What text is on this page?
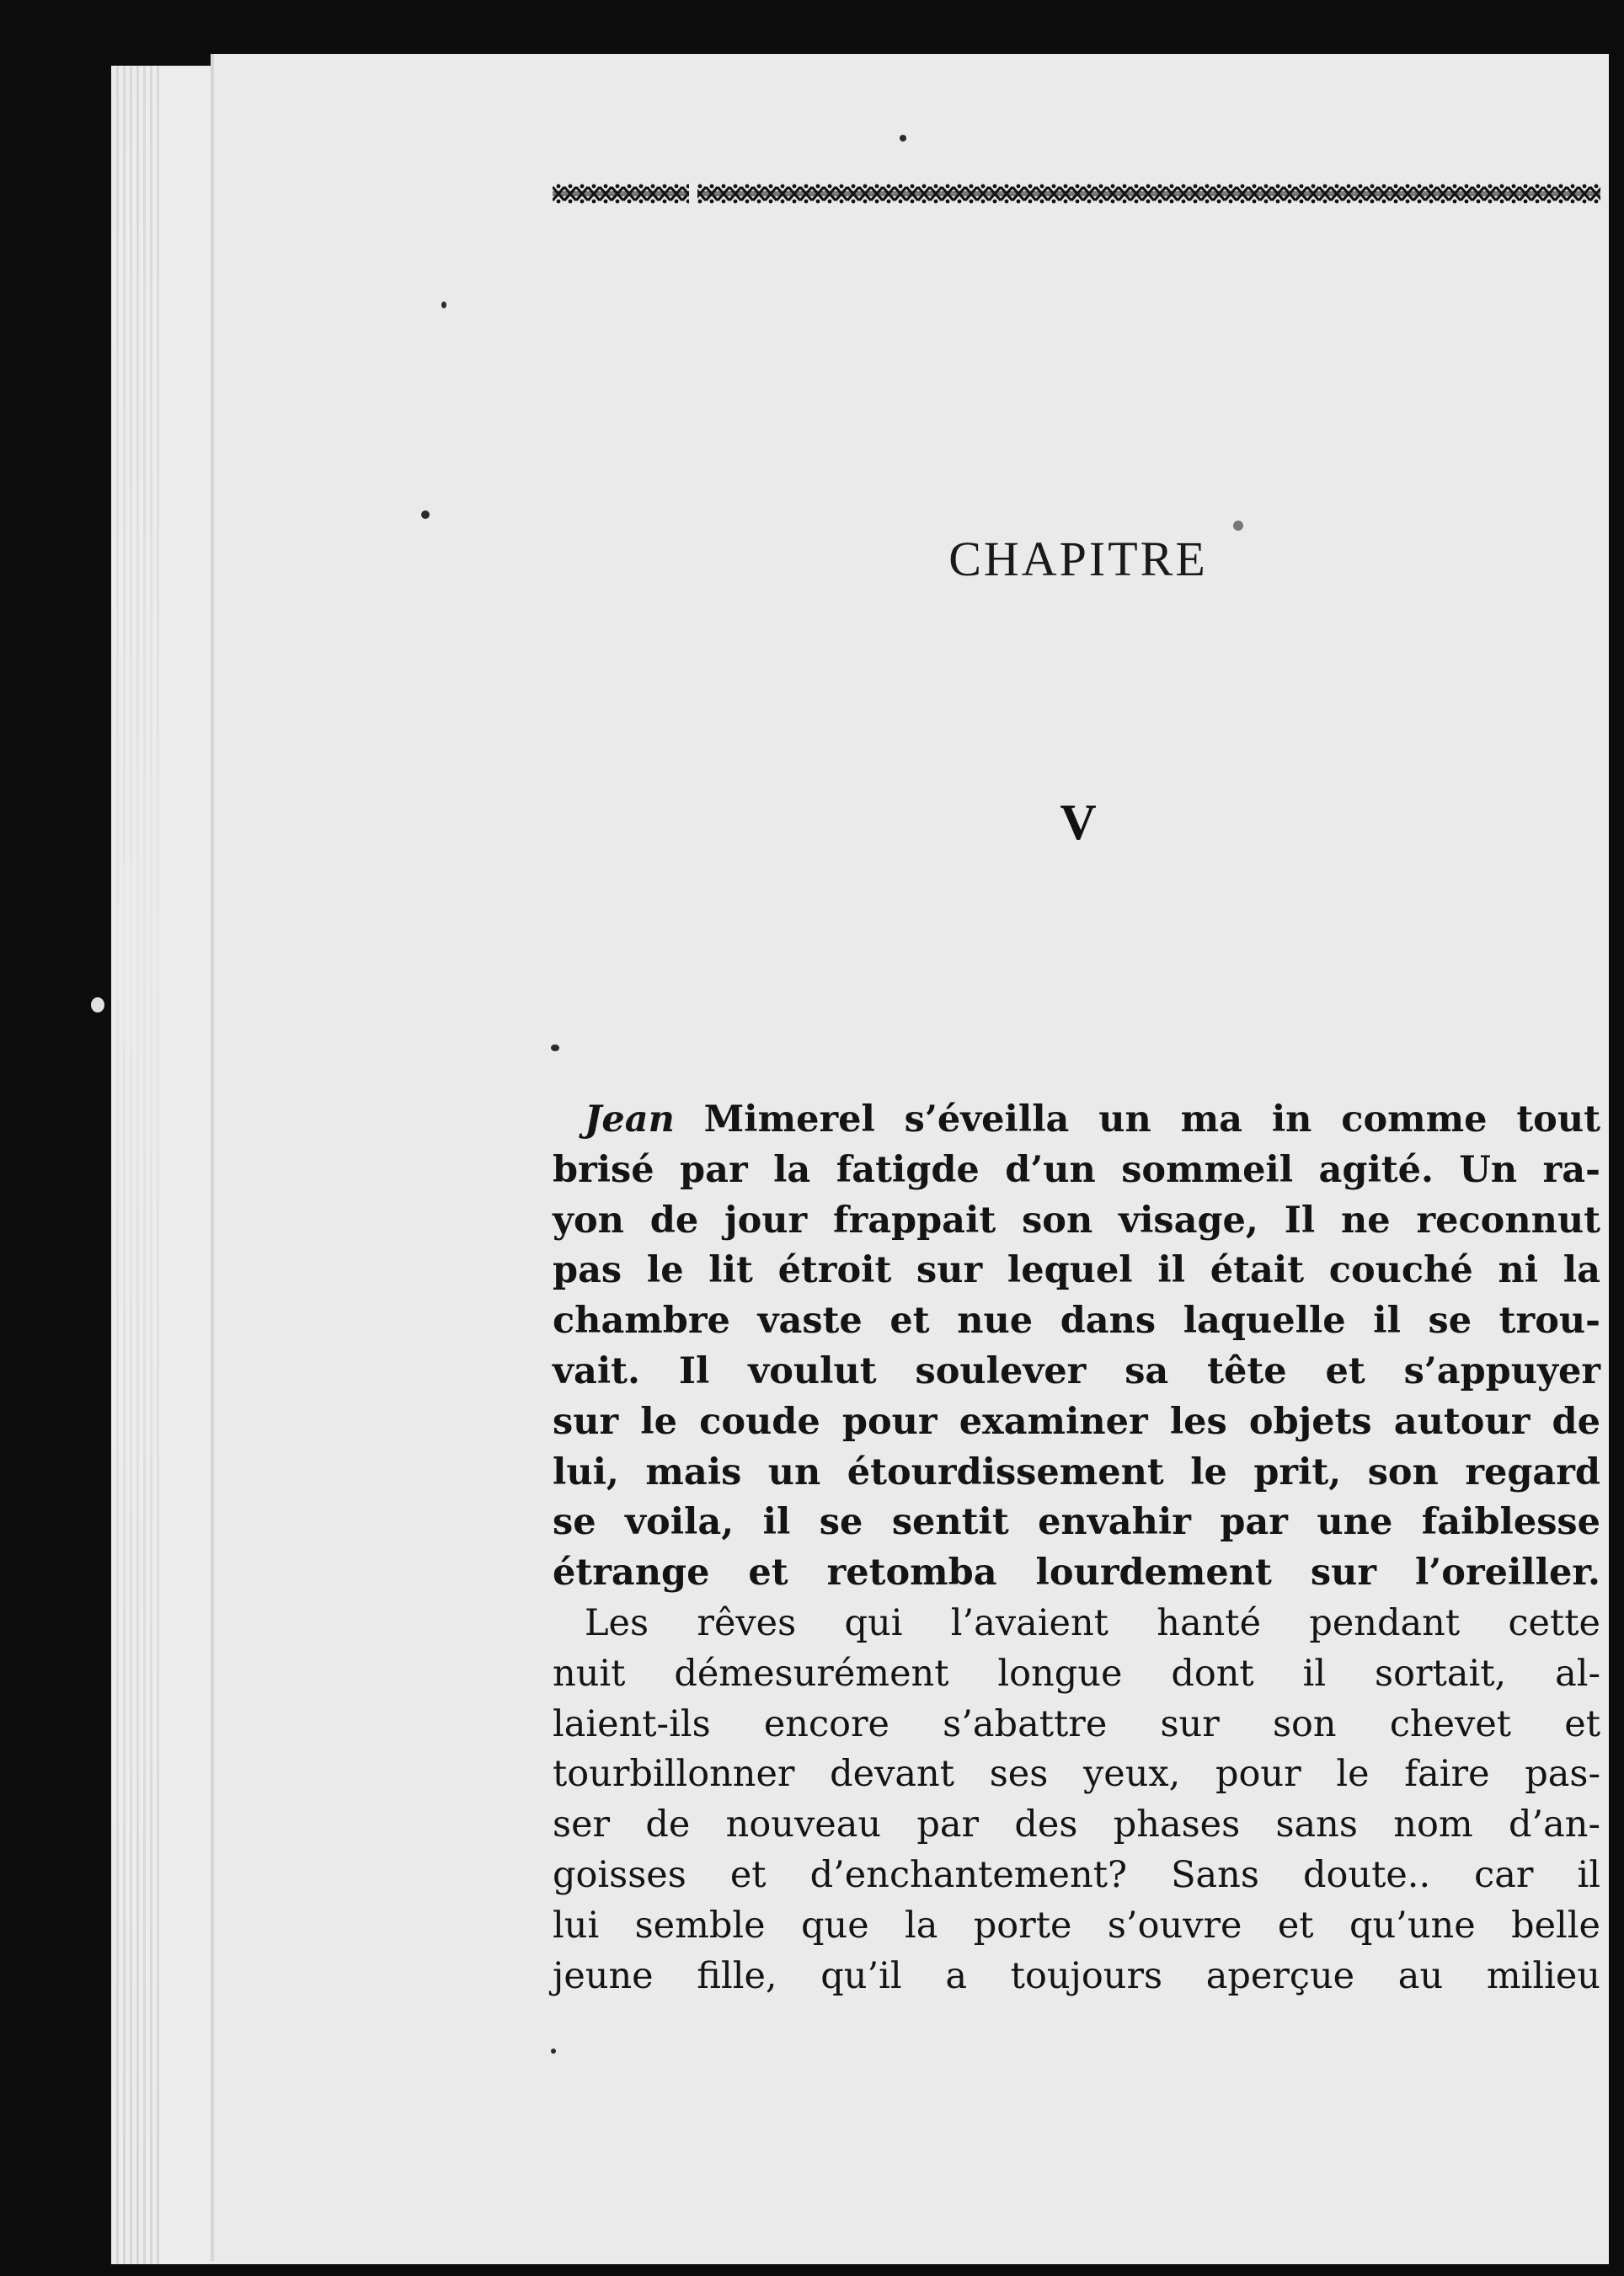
CHAPITRE
V
Jean Mimerel s’éveilla un ma in comme tout
brisé par la fatigde d’un sommeil agité. Un ra-
yon de jour frappait son visage, Il ne reconnut
pas le lit étroit sur lequel il était couché ni la
chambre vaste et nue dans laquelle il se trou-
vait. Il voulut soulever sa tête et s’appuyer
sur le coude pour examiner les objets autour de
lui, mais un étourdissement le prit, son regard
se voila, il se sentit envahir par une faiblesse
étrange et retomba lourdement sur l’oreiller.
Les rêves qui l’avaient hanté pendant cette
nuit démesurément longue dont il sortait, al-
laient-ils encore s’abattre sur son chevet et
tourbillonner devant ses yeux, pour le faire pas-
ser de nouveau par des phases sans nom d’an-
goisses et d’enchantement? Sans doute.. car il
lui semble que la porte s’ouvre et qu’une belle
jeune fille, qu’il a toujours aperçue au milieu
